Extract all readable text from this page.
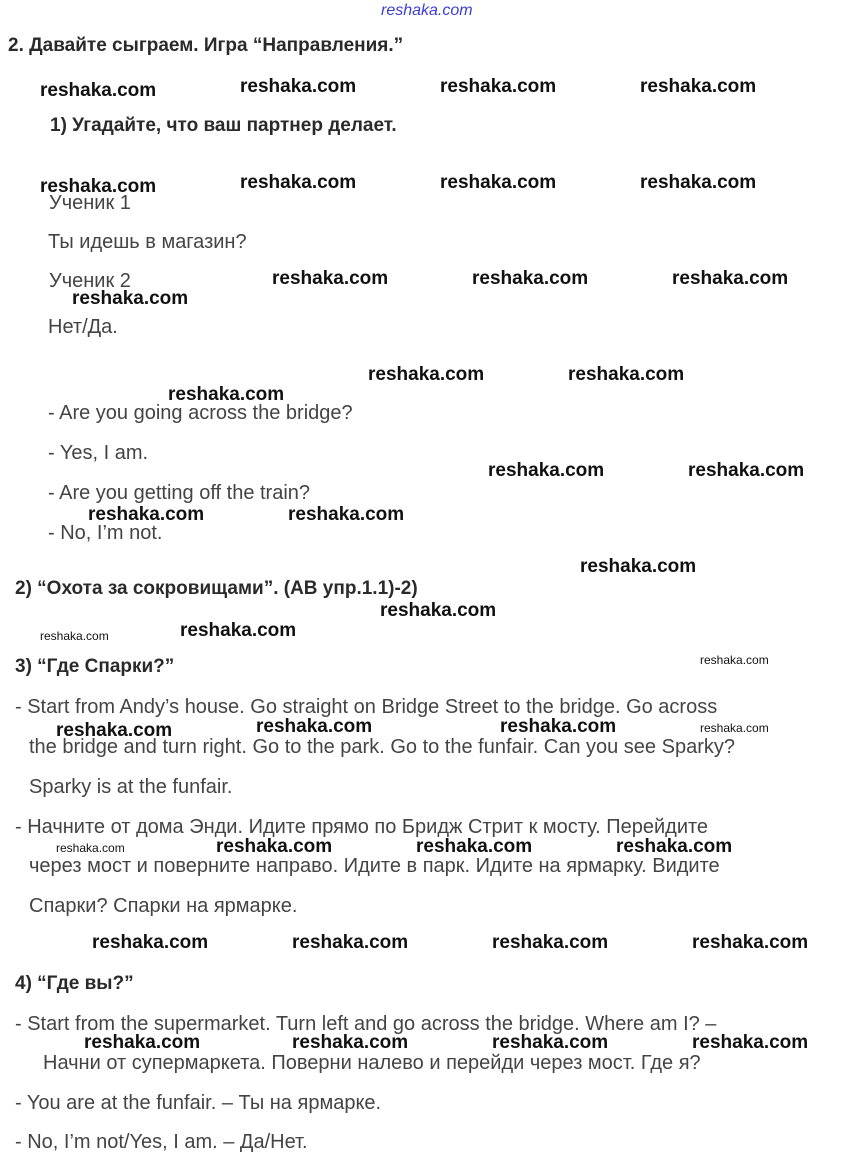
reshaka.com
2. Давайте сыграем. Игра “Направления.”
1) Угадайте, что ваш партнер делает.
Ученик 1
Ты идешь в магазин?
Ученик 2
Нет/Да.
- Are you going across the bridge?
- Yes, I am.
- Are you getting off the train?
- No, I’m not.
2) “Охота за сокровищами”. (АВ упр.1.1)-2)
3) “Где Спарки?”
- Start from Andy’s house. Go straight on Bridge Street to the bridge. Go across
the bridge and turn right. Go to the park. Go to the funfair. Can you see Sparky?
Sparky is at the funfair.
- Начните от дома Энди. Идите прямо по Бридж Стрит к мосту. Перейдите
через мост и поверните направо. Идите в парк. Идите на ярмарку. Видите
Спарки? Спарки на ярмарке.
4) “Где вы?”
- Start from the supermarket. Turn left and go across the bridge. Where am I? –
Начни от супермаркета. Поверни налево и перейди через мост. Где я?
- You are at the funfair. – Ты на ярмарке.
- No, I’m not/Yes, I am. – Да/Нет.
reshaka.com	reshaka.com	reshaka.com	reshaka.com
reshaka.com	reshaka.com	reshaka.com	reshaka.com
reshaka.com	reshaka.com	reshaka.com
reshaka.com
reshaka.com	reshaka.com
reshaka.com
reshaka.com	reshaka.com
reshaka.com	reshaka.com
reshaka.com
reshaka.com
reshaka.com
reshaka.com
reshaka.com
reshaka.com	reshaka.com	reshaka.com	reshaka.com
reshaka.com	reshaka.com	reshaka.com	reshaka.com
reshaka.com	reshaka.com	reshaka.com	reshaka.com
reshaka.com	reshaka.com	reshaka.com	reshaka.com
